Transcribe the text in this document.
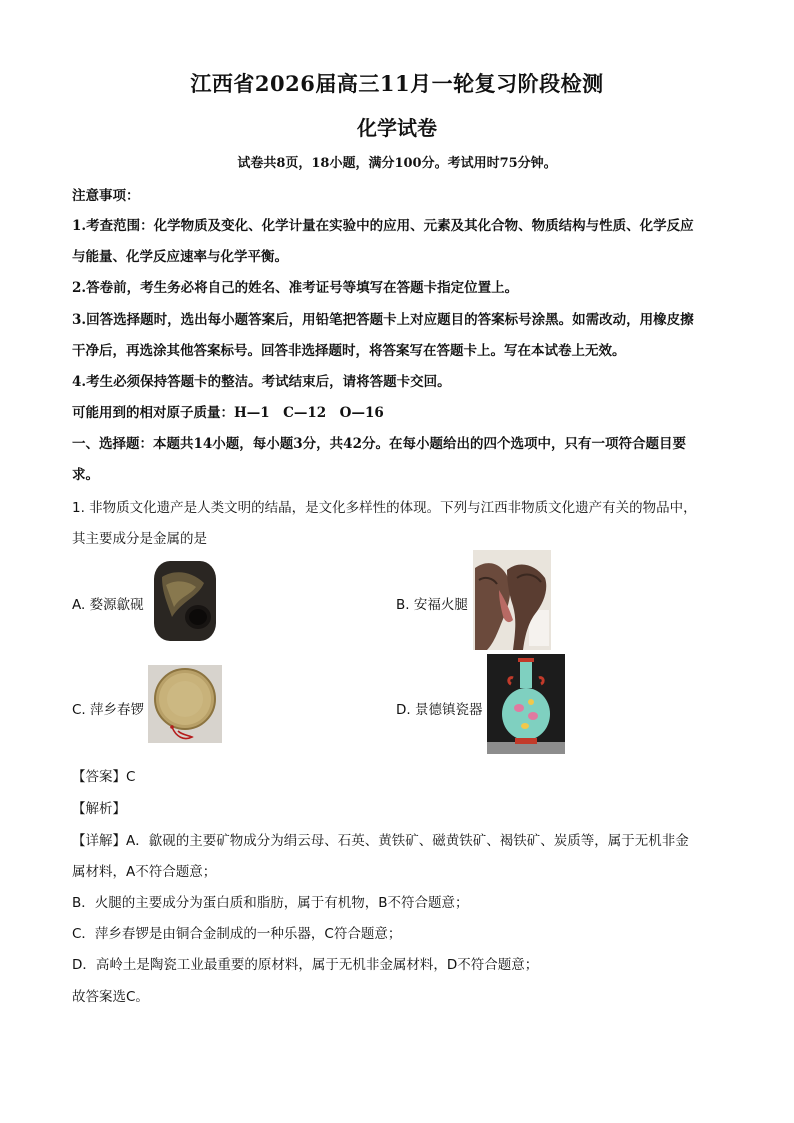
江西省2026届高三11月一轮复习阶段检测
化学试卷
试卷共8页，18小题，满分100分。考试用时75分钟。
注意事项：
1.考查范围：化学物质及变化、化学计量在实验中的应用、元素及其化合物、物质结构与性质、化学反应
与能量、化学反应速率与化学平衡。
2.答卷前，考生务必将自己的姓名、准考证号等填写在答题卡指定位置上。
3.回答选择题时，选出每小题答案后，用铅笔把答题卡上对应题目的答案标号涂黑。如需改动，用橡皮擦
干净后，再选涂其他答案标号。回答非选择题时，将答案写在答题卡上。写在本试卷上无效。
4.考生必须保持答题卡的整洁。考试结束后，请将答题卡交回。
可能用到的相对原子质量：H—1　C—12　O—16
一、选择题：本题共14小题，每小题3分，共42分。在每小题给出的四个选项中，只有一项符合题目要
求。
1. 非物质文化遗产是人类文明的结晶，是文化多样性的体现。下列与江西非物质文化遗产有关的物品中，
其主要成分是金属的是
A. 婺源歙砚	B. 安福火腿
C. 萍乡春锣	D. 景德镇瓷器
【答案】C
【解析】
【详解】A．歙砚的主要矿物成分为绢云母、石英、黄铁矿、磁黄铁矿、褐铁矿、炭质等，属于无机非金
属材料，A不符合题意；
B．火腿的主要成分为蛋白质和脂肪，属于有机物，B不符合题意；
C．萍乡春锣是由铜合金制成的一种乐器，C符合题意；
D．高岭土是陶瓷工业最重要的原材料，属于无机非金属材料，D不符合题意；
故答案选C。
